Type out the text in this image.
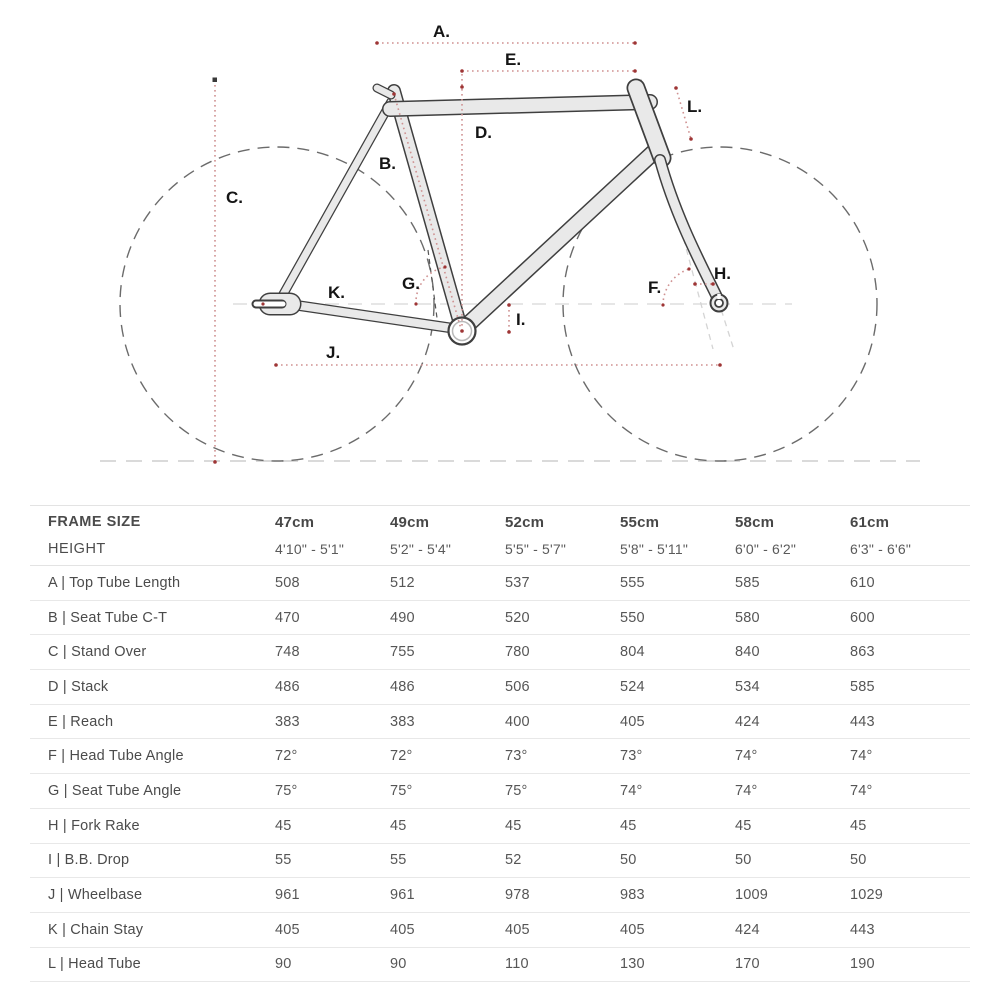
A.
E.
D.
B.
C.
L.
G.
K.
J.
I.
F.
H.
FRAME SIZE	47cm	49cm	52cm	55cm	58cm	61cm
HEIGHT	4'10" - 5'1"	5'2" - 5'4"	5'5" - 5'7"	5'8" - 5'11"	6'0" - 6'2"	6'3" - 6'6"
A | Top Tube Length	508	512	537	555	585	610
B | Seat Tube C-T	470	490	520	550	580	600
C | Stand Over	748	755	780	804	840	863
D | Stack	486	486	506	524	534	585
E | Reach	383	383	400	405	424	443
F | Head Tube Angle	72°	72°	73°	73°	74°	74°
G | Seat Tube Angle	75°	75°	75°	74°	74°	74°
H | Fork Rake	45	45	45	45	45	45
I | B.B. Drop	55	55	52	50	50	50
J | Wheelbase	961	961	978	983	1009	1029
K | Chain Stay	405	405	405	405	424	443
L | Head Tube	90	90	110	130	170	190
